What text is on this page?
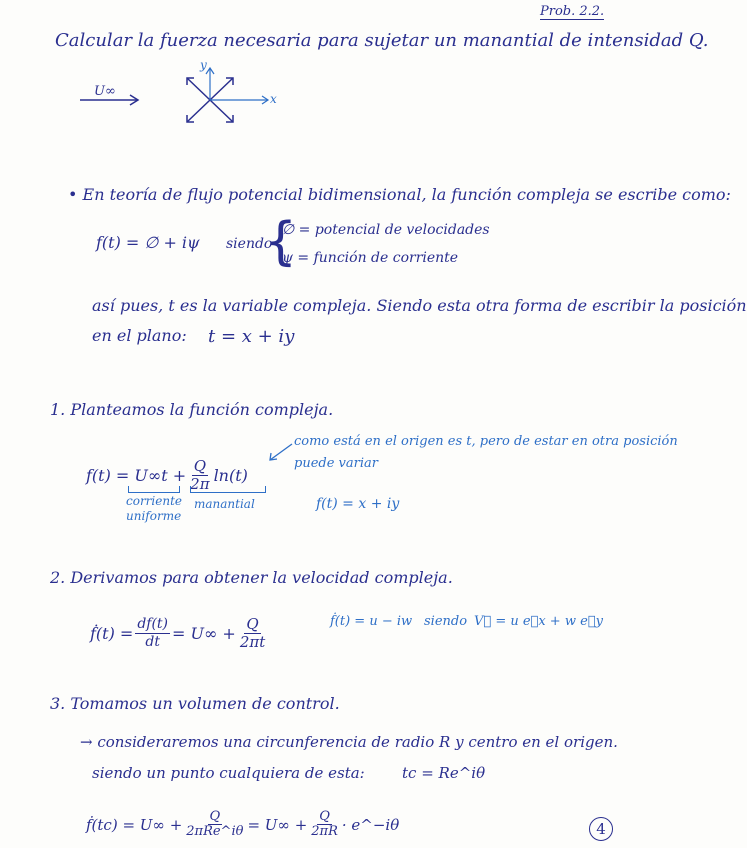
Prob. 2.2.
Calcular la fuerza necesaria para sujetar un manantial de intensidad Q.
U∞
y
x
• En teoría de flujo potencial bidimensional, la función compleja se escribe como:
f(t) = ∅ + iψ siendo
{
∅ = potencial de velocidades
ψ = función de corriente
así pues, t es la variable compleja. Siendo esta otra forma de escribir la posición
en el plano: t = x + iy
1. Planteamos la función compleja.
$f(t) = U\infty t + \frac{Q}{2\pi} \ln(t)$
corriente
uniforme
manantial
como está en el origen es t, pero de estar en otra posición
puede variar
f(t) = x + iy
2. Derivamos para obtener la velocidad compleja.
ḟ(t) = $\frac{df(t)}{dt} = U\infty + \frac{Q}{2\pi t}$	ḟ(t) = u − iw siendo V⃗ = u e⃗x + w e⃗y
3. Tomamos un volumen de control.
→ consideraremos una circunferencia de radio R y centro en el origen.
siendo un punto cualquiera de esta: tc = Re^iθ
ḟ(tc) = $U\infty + \frac{Q}{\text{2πRe\textasciicircum{}iθ}} = U\infty + \frac{Q}{2\pi R}$ · e^−iθ	4
